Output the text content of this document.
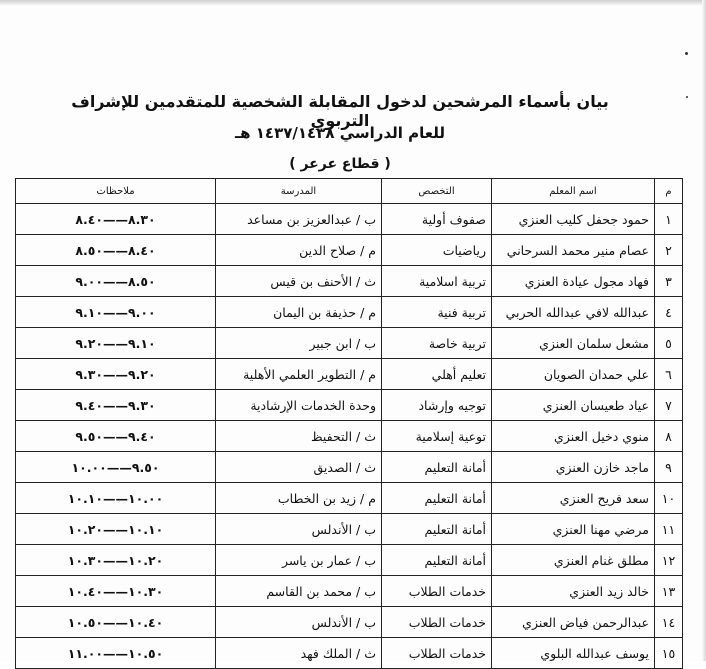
بيان بأسماء المرشحين لدخول المقابلة الشخصية للمتقدمين للإشراف التربوي
للعام الدراسي ١٤٣٧/١٤٣٨ هـ
( قطاع عرعر )
م	اسم المعلم	التخصص	المدرسة	ملاحظات
١	حمود جحفل كليب العنزي	صفوف أولية	ب / عبدالعزيز بن مساعد	٨.٣٠——٨.٤٠
٢	عصام منير محمد السرحاني	رياضيات	م / صلاح الدين	٨.٤٠——٨.٥٠
٣	فهاد مجول عيادة العنزي	تربية اسلامية	ث / الأحنف بن قيس	٨.٥٠——٩.٠٠
٤	عبدالله لافي عبدالله الحربي	تربية فنية	م / حذيفة بن اليمان	٩.٠٠——٩.١٠
٥	مشعل سلمان العنزي	تربية خاصة	ب / ابن جبير	٩.١٠——٩.٢٠
٦	علي حمدان الصويان	تعليم أهلي	م / التطوير العلمي الأهلية	٩.٢٠——٩.٣٠
٧	عياد طعيسان العنزي	توجيه وإرشاد	وحدة الخدمات الإرشادية	٩.٣٠——٩.٤٠
٨	منوي دخيل العنزي	توعية إسلامية	ث / التحفيظ	٩.٤٠——٩.٥٠
٩	ماجد خازن العنزي	أمانة التعليم	ث / الصديق	٩.٥٠——١٠.٠٠
١٠	سعد فريح العنزي	أمانة التعليم	م / زيد بن الخطاب	١٠.٠٠——١٠.١٠
١١	مرضي مهنا العنزي	أمانة التعليم	ب / الأندلس	١٠.١٠——١٠.٢٠
١٢	مطلق غنام العنزي	أمانة التعليم	ب / عمار بن ياسر	١٠.٢٠——١٠.٣٠
١٣	خالد زيد العنزي	خدمات الطلاب	ب / محمد بن القاسم	١٠.٣٠——١٠.٤٠
١٤	عبدالرحمن فياض العنزي	خدمات الطلاب	ب / الأندلس	١٠.٤٠——١٠.٥٠
١٥	يوسف عبدالله البلوي	خدمات الطلاب	ث / الملك فهد	١٠.٥٠——١١.٠٠
